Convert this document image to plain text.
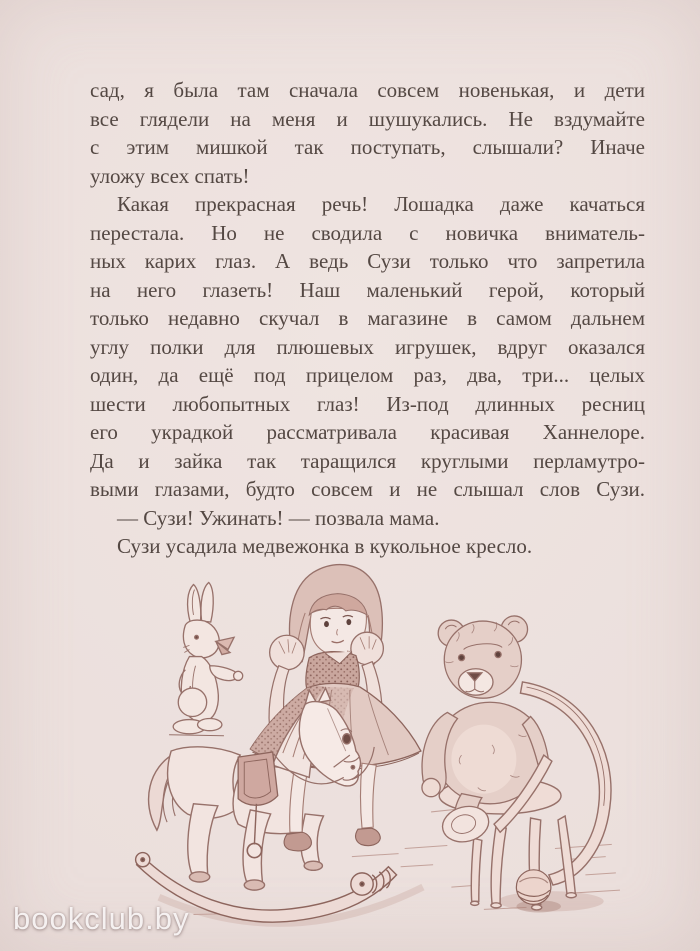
сад, я была там сначала совсем новенькая, и дети
все глядели на меня и шушукались. Не вздумайте
с этим мишкой так поступать, слышали? Иначе
уложу всех спать!
Какая прекрасная речь! Лошадка даже качаться
перестала. Но не сводила с новичка вниматель-
ных карих глаз. А ведь Сузи только что запретила
на него глазеть! Наш маленький герой, который
только недавно скучал в магазине в самом дальнем
углу полки для плюшевых игрушек, вдруг оказался
один, да ещё под прицелом раз, два, три... целых
шести любопытных глаз! Из-под длинных ресниц
его украдкой рассматривала красивая Ханнелоре.
Да и зайка так таращился круглыми перламутро-
выми глазами, будто совсем и не слышал слов Сузи.
— Сузи! Ужинать! — позвала мама.
Сузи усадила медвежонка в кукольное кресло.
bookclub.by
